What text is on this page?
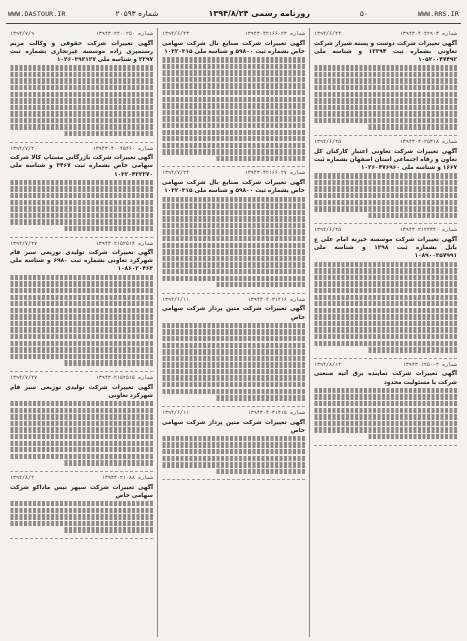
WWW.RRS.IR
۵۰
روزنامه رسمی ۱۳۹۴/۸/۲۴
شماره ۲۰۵۹۳
WWW.DASTOUR.IR
شماره ۱۳۹۴۳۰۴۰۲۲۹۰۳
۱۳۹۴/۶/۲۴
آگهی تغییرات شرکت دوست و پسته شیراز شرکت تعاونی بشماره ثبت ۱۲۲۹۴ و شناسه ملی ۱۰۵۳۰۰۴۷۴۹۲
شماره ۱۳۹۴۳۰۴۰۲۵۳۱۸
۱۳۹۴/۶/۲۵
آگهی تغییرات شرکت تعاونی اعتبار کارکنان کل تعاون و رفاه اجتماعی استان اصفهان بشماره ثبت ۱۶۶۷ و شناسه ملی ۱۰۲۶۰۴۷۶۹۶۰
شماره ۱۳۹۴۳۰۲۱۲۲۳۴۰
۱۳۹۴/۶/۲۵
آگهی تغییرات شرکت موسسه خیریه امام علی ع بابل بشماره ثبت ۱۳۹۸ و شناسه ملی ۱۰۸۹۰۰۳۵۷۹۹۱
شماره ۱۳۹۴۳۰۱۲۵۰۰۲
۱۳۹۴/۸/۱۴
آگهی تغییرات شرکت نماینده برق آتیه صنعتی شرکت با مسئولیت محدود
شماره ۱۳۹۴۳۰۴۲۱۶۶۰۲۳
۱۳۹۴/۶/۲۳
آگهی تغییرات شرکت صنایع بال شرکت سهامی خاص بشماره ثبت ۵۹۸۰۰ و شناسه ملی ۱۰۳۲۰۳۱۵
شماره ۱۳۹۴۳۰۴۲۱۶۶۰۲۷
۱۳۹۴/۷/۲۴
آگهی تغییرات شرکت صنایع بال شرکت سهامی خاص بشماره ثبت ۵۹۸۰۰ و شناسه ملی ۱۰۳۲۰۳۱۵
شماره ۱۳۹۴۳۰۴۰۳۱۴۱۶
۱۳۹۴/۶/۱۱
آگهی تغییرات شرکت متین پرداز شرکت سهامی خاص
شماره ۱۳۹۴۳۰۴۰۳۱۴۱۵
۱۳۹۴/۶/۱۱
آگهی تغییرات شرکت متین پرداز شرکت سهامی خاص
شماره ۱۳۹۴۳۰۲۲۰۰۲۵۰
۱۳۹۴/۷/۹
آگهی تغییرات شرکت حقوقی و وکالت مریم رستمپری زاده موسسه غیرتجاری بشماره ثبت ۲۲۹۷ و شناسه ملی ۱۰۲۶۰۳۹۲۱۲۷
شماره ۱۳۹۴۳۰۴۰۰۴۵۴۶۰
۱۳۹۴/۷/۲۰
آگهی تغییرات شرکت بازرگانی مستاپ کالا شرکت سهامی خاص بشماره ثبت ۳۴۶۷ و شناسه ملی ۱۰۳۲۰۴۳۲۲۷۰
شماره ۱۳۹۴۳۰۲۱۵۲۵۱۴
۱۳۹۴/۷/۲۷
آگهی تغییرات شرکت تولیدی توزیعی سبز فام شهرکرد تعاونی بشماره ثبت ۶۹۸۰ و شناسه ملی ۱۰۸۶۰۲۰۴۶۳
شماره ۱۳۹۴۳۰۲۱۵۲۵۱۵
۱۳۹۴/۷/۲۷
آگهی تغییرات شرکت تولیدی توزیعی سبز فام شهرکرد تعاونی
شماره ۱۳۹۴۳۰۲۱۰۸۸
۱۳۹۴/۸/۲
آگهی تغییرات شرکت سپهر نیس ماداکو شرکت سهامی خاص
